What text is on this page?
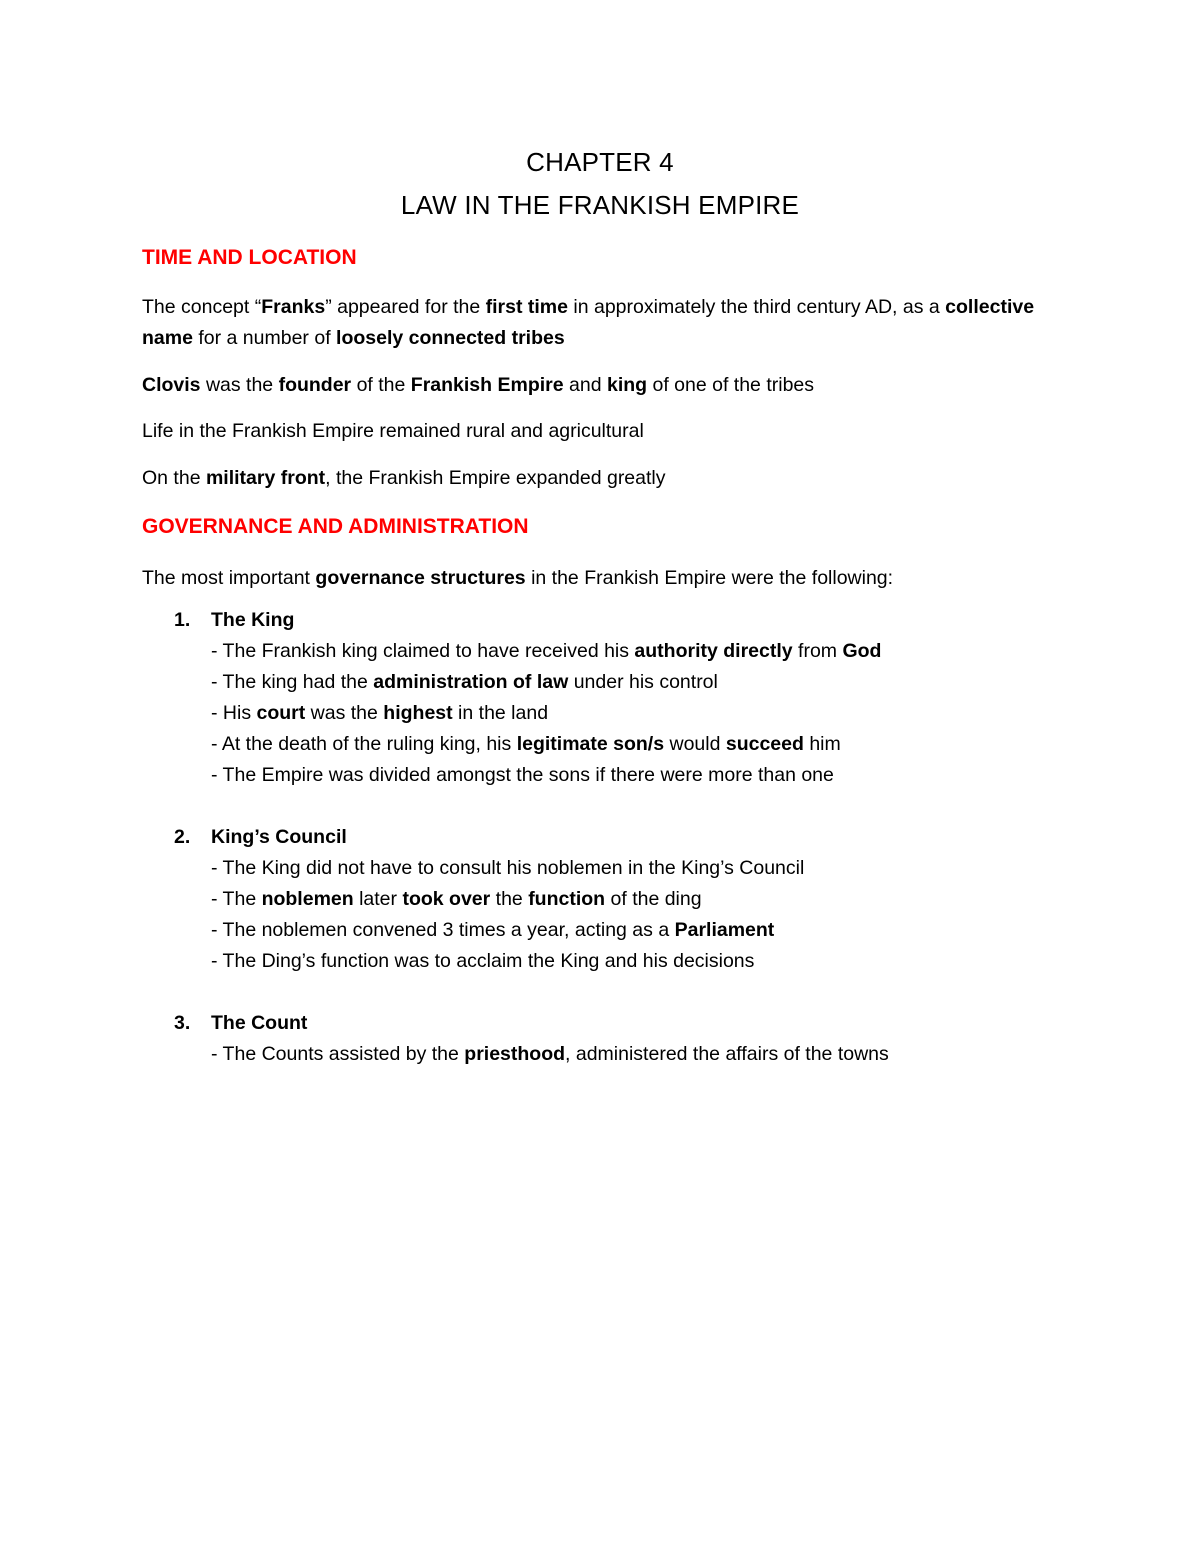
CHAPTER 4
LAW IN THE FRANKISH EMPIRE
TIME AND LOCATION
The concept “Franks” appeared for the first time in approximately the third century AD, as a collective name for a number of loosely connected tribes
Clovis was the founder of the Frankish Empire and king of one of the tribes
Life in the Frankish Empire remained rural and agricultural
On the military front, the Frankish Empire expanded greatly
GOVERNANCE AND ADMINISTRATION
The most important governance structures in the Frankish Empire were the following:
1. The King
- The Frankish king claimed to have received his authority directly from God
- The king had the administration of law under his control
- His court was the highest in the land
- At the death of the ruling king, his legitimate son/s would succeed him
- The Empire was divided amongst the sons if there were more than one
2. King’s Council
- The King did not have to consult his noblemen in the King’s Council
- The noblemen later took over the function of the ding
- The noblemen convened 3 times a year, acting as a Parliament
- The Ding’s function was to acclaim the King and his decisions
3. The Count
- The Counts assisted by the priesthood, administered the affairs of the towns
